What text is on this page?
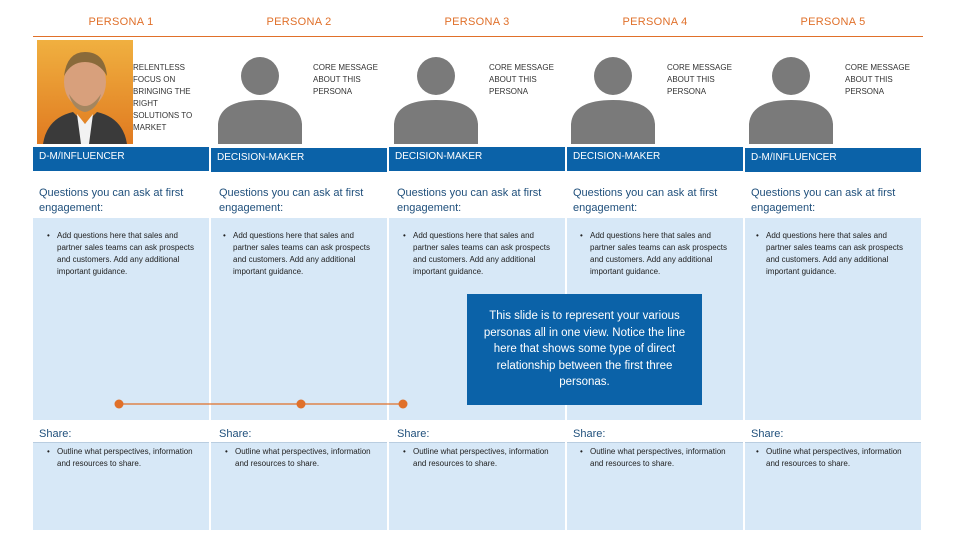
PERSONA 1
RELENTLESS FOCUS ON BRINGING THE RIGHT SOLUTIONS TO MARKET
D-M/INFLUENCER
Questions you can ask at first engagement:
• Add questions here that sales and partner sales teams can ask prospects and customers. Add any additional important guidance.
Share:
• Outline what perspectives, information and resources to share.
PERSONA 2
CORE MESSAGE ABOUT THIS PERSONA
DECISION-MAKER
Questions you can ask at first engagement:
• Add questions here that sales and partner sales teams can ask prospects and customers. Add any additional important guidance.
Share:
• Outline what perspectives, information and resources to share.
PERSONA 3
CORE MESSAGE ABOUT THIS PERSONA
DECISION-MAKER
Questions you can ask at first engagement:
• Add questions here that sales and partner sales teams can ask prospects and customers. Add any additional important guidance.
Share:
• Outline what perspectives, information and resources to share.
PERSONA 4
CORE MESSAGE ABOUT THIS PERSONA
DECISION-MAKER
Questions you can ask at first engagement:
• Add questions here that sales and partner sales teams can ask prospects and customers. Add any additional important guidance.
Share:
• Outline what perspectives, information and resources to share.
PERSONA 5
CORE MESSAGE ABOUT THIS PERSONA
D-M/INFLUENCER
Questions you can ask at first engagement:
• Add questions here that sales and partner sales teams can ask prospects and customers. Add any additional important guidance.
Share:
• Outline what perspectives, information and resources to share.
This slide is to represent your various personas all in one view. Notice the line here that shows some type of direct relationship between the first three personas.
